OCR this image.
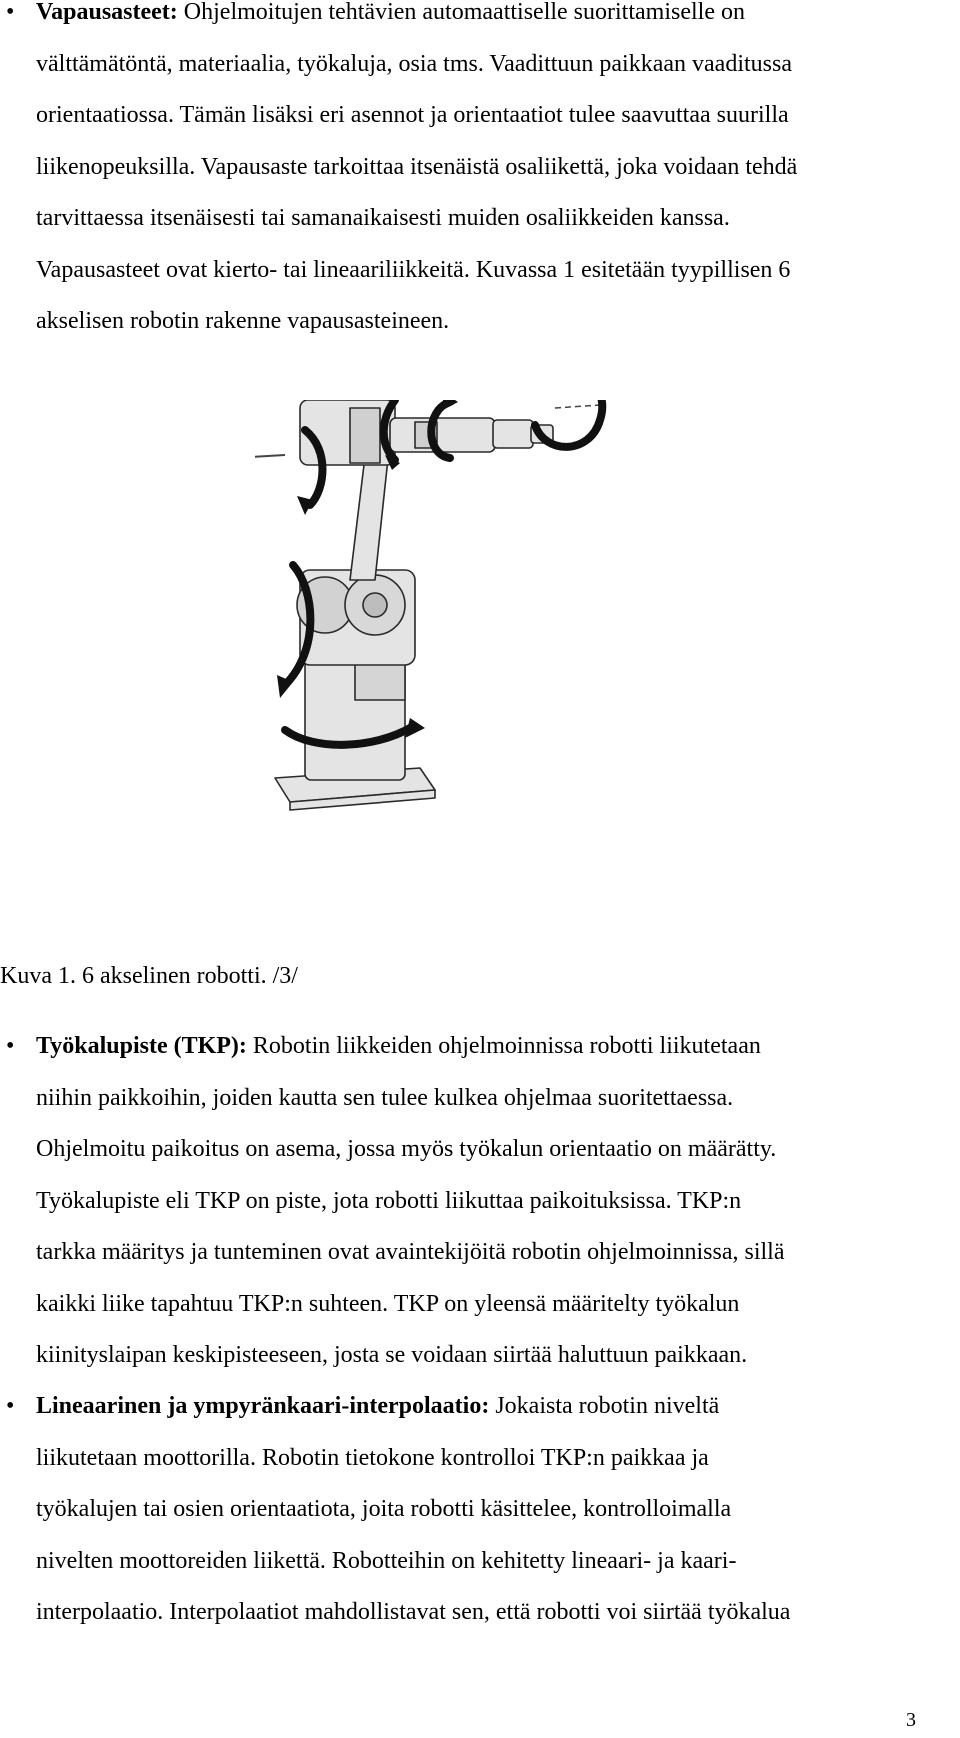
• Vapausasteet: Ohjelmoitujen tehtävien automaattiselle suorittamiselle on
välttämätöntä, materiaalia, työkaluja, osia tms. Vaadittuun paikkaan vaaditussa
orientaatiossa. Tämän lisäksi eri asennot ja orientaatiot tulee saavuttaa suurilla
liikenopeuksilla. Vapausaste tarkoittaa itsenäistä osaliikettä, joka voidaan tehdä
tarvittaessa itsenäisesti tai samanaikaisesti muiden osaliikkeiden kanssa.
Vapausasteet ovat kierto- tai lineaariliikkeitä. Kuvassa 1 esitetään tyypillisen 6
akselisen robotin rakenne vapausasteineen.
Kuva 1. 6 akselinen robotti. /3/
• Työkalupiste (TKP): Robotin liikkeiden ohjelmoinnissa robotti liikutetaan
niihin paikkoihin, joiden kautta sen tulee kulkea ohjelmaa suoritettaessa.
Ohjelmoitu paikoitus on asema, jossa myös työkalun orientaatio on määrätty.
Työkalupiste eli TKP on piste, jota robotti liikuttaa paikoituksissa. TKP:n
tarkka määritys ja tunteminen ovat avaintekijöitä robotin ohjelmoinnissa, sillä
kaikki liike tapahtuu TKP:n suhteen. TKP on yleensä määritelty työkalun
kiinityslaipan keskipisteeseen, josta se voidaan siirtää haluttuun paikkaan.
• Lineaarinen ja ympyränkaari-interpolaatio: Jokaista robotin niveltä
liikutetaan moottorilla. Robotin tietokone kontrolloi TKP:n paikkaa ja
työkalujen tai osien orientaatiota, joita robotti käsittelee, kontrolloimalla
nivelten moottoreiden liikettä. Robotteihin on kehitetty lineaari- ja kaari-
interpolaatio. Interpolaatiot mahdollistavat sen, että robotti voi siirtää työkalua
3
